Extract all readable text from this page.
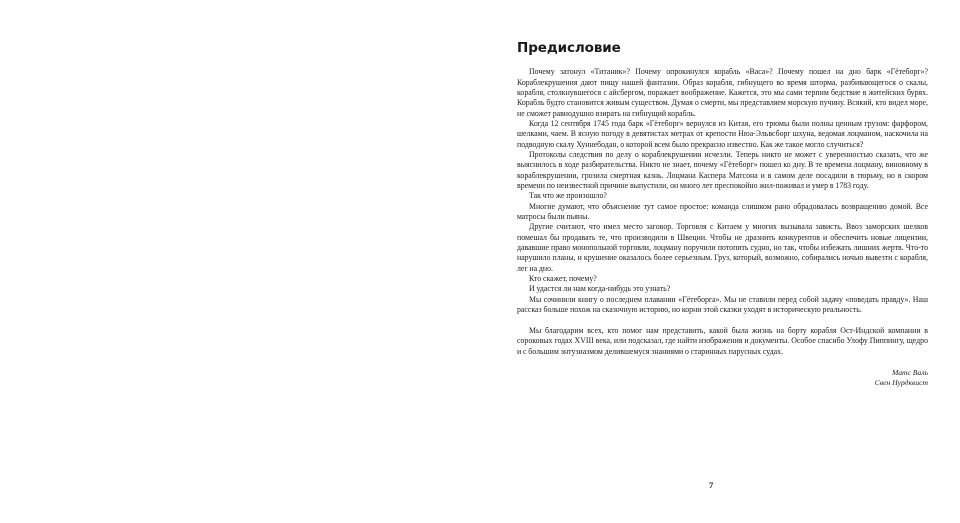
Предисловие

Почему затонул «Титаник»? Почему опрокинулся корабль «Васа»? Почему пошел на дно барк «Гётеборг»? Кораблекрушения дают пищу нашей фантазии. Образ корабля, гибнущего во время шторма, разбивающегося о скалы, корабля, столкнувшегося с айсбергом, поражает воображение. Кажется, это мы сами терпим бедствие в житейских бурях. Корабль будто становится живым существом. Думая о смерти, мы представляем морскую пучину. Всякий, кто видел море, не сможет равнодушно взирать на гибнущий корабль.

Когда 12 сентября 1745 года барк «Гётеборг» вернулся из Китая, его трюмы были полны ценным грузом: фарфором, шелками, чаем. В ясную погоду в девятистах метрах от крепости Нюа-Эльвсборг шхуна, ведомая лоцманом, наскочила на подводную скалу Хуннебодан, о которой всем было прекрасно известно. Как же такое могло случиться?

Протоколы следствия по делу о кораблекрушении исчезли. Теперь никто не может с уверенностью сказать, что же выяснилось в ходе разбирательства. Никто не знает, почему «Гётеборг» пошел ко дну. В те времена лоцману, виновному в кораблекрушении, грозила смертная казнь. Лоцмана Каспера Матсона и в самом деле посадили в тюрьму, но в скором времени по неизвестной причине выпустили, он много лет преспокойно жил-поживал и умер в 1783 году.

Так что же произошло?

Многие думают, что объяснение тут самое простое: команда слишком рано обрадовалась возвращению домой. Все матросы были пьяны.

Другие считают, что имел место заговор. Торговля с Китаем у многих вызывала зависть. Ввоз заморских шелков помешал бы продавать те, что производили в Швеции. Чтобы не дразнить конкурентов и обеспечить новые лицензии, дававшие право монопольной торговли, лоцману поручили потопить судно, но так, чтобы избежать лишних жертв. Что-то нарушило планы, и крушение оказалось более серьезным. Груз, который, возможно, собирались ночью вывезти с корабля, лег на дно.

Кто скажет, почему?

И удастся ли нам когда-нибудь это узнать?

Мы сочинили книгу о последнем плавании «Гётеборга». Мы не ставили перед собой задачу «поведать правду». Наш рассказ больше похож на сказочную историю, но корни этой сказки уходят в историческую реальность.

Мы благодарим всех, кто помог нам представить, какой была жизнь на борту корабля Ост-Индской компании в сороковых годах XVIII века, или подсказал, где найти изображения и документы. Особое спасибо Улофу Пиппингу, щедро и с большим энтузиазмом делившемуся знаниями о старинных парусных судах.

Матс Валь
Свен Нурдквист
7
